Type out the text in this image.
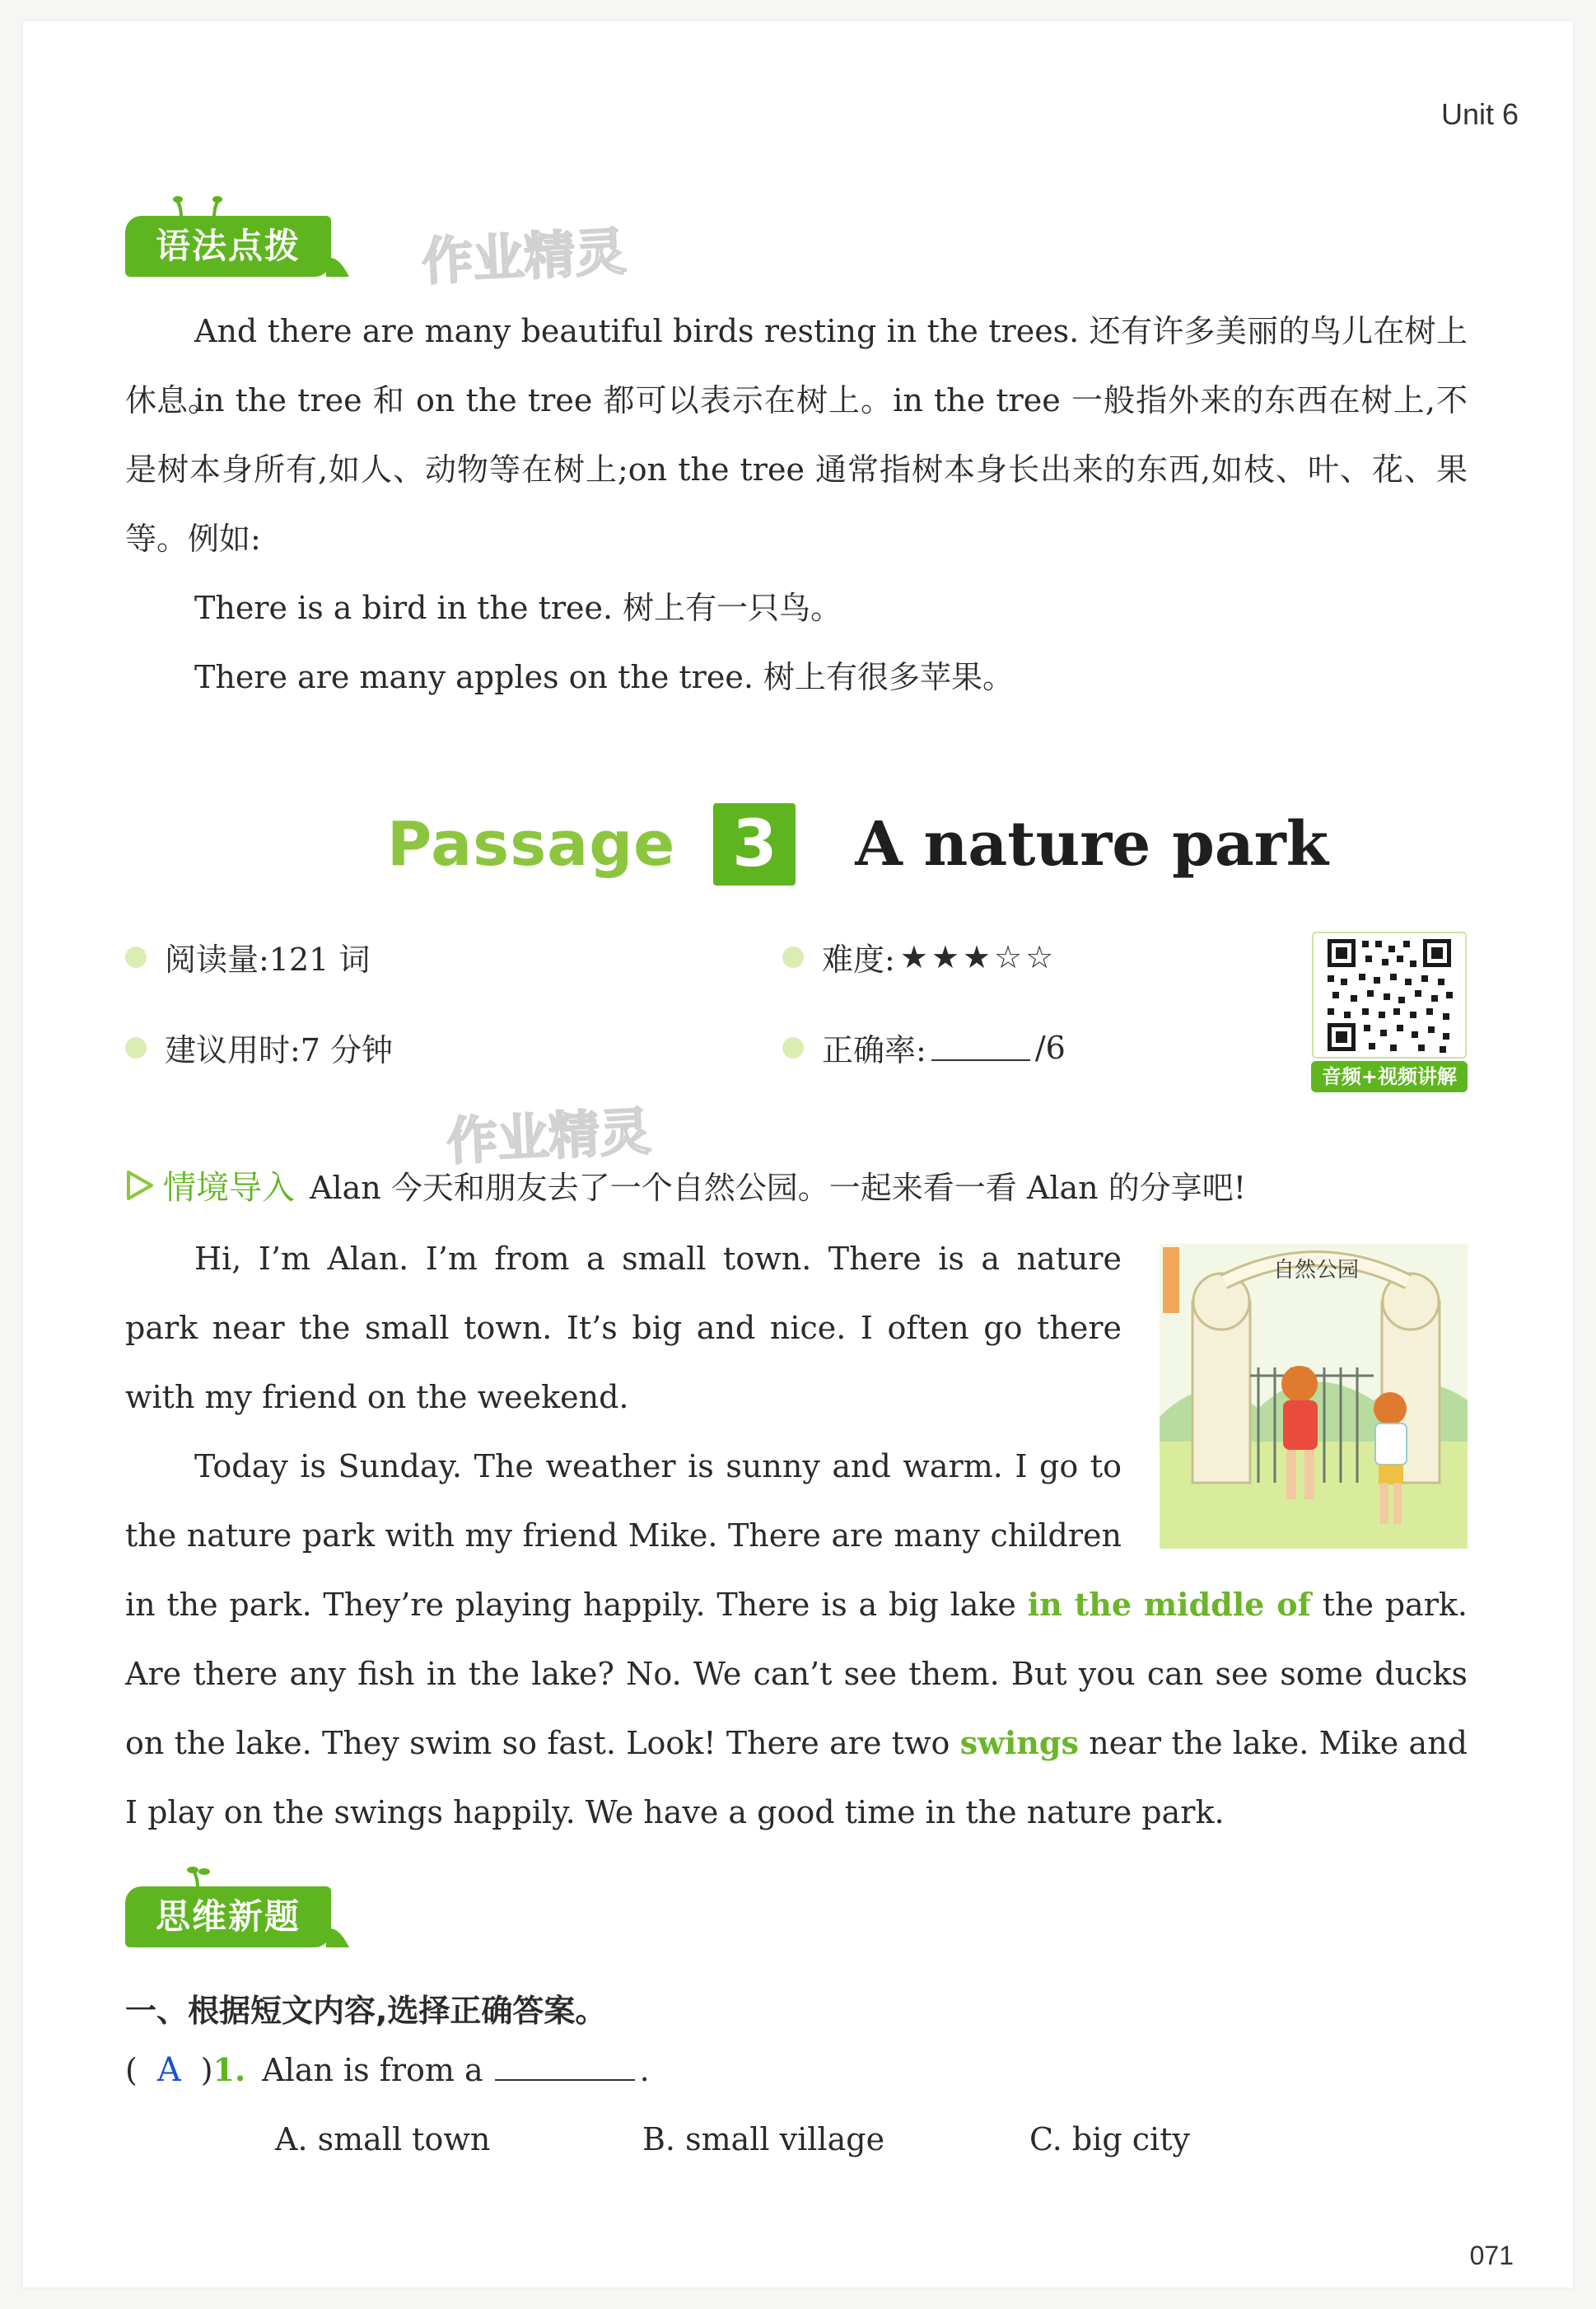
Unit 6
语法点拨	作业精灵

And there are many beautiful birds resting in the trees. 还有许多美丽的鸟儿在树上休息。

in the tree 和 on the tree 都可以表示在树上。in the tree 一般指外来的东西在树上,不是树本身所有,如人、动物等在树上;on the tree 通常指树本身长出来的东西,如枝、叶、花、果等。例如:

There is a bird in the tree. 树上有一只鸟。

There are many apples on the tree. 树上有很多苹果。

Passage 3	A nature park
阅读量:121 词	难度: ★★★☆☆
建议用时:7 分钟	正确率:	/6
音频+视频讲解
作业精灵
情境导入 Alan 今天和朋友去了一个自然公园。一起来看一看 Alan 的分享吧!

Hi, I’m Alan. I’m from a small town. There is a nature park near the small town. It’s big and nice. I often go there with my friend on the weekend.

Today is Sunday. The weather is sunny and warm. I go to the nature park with my friend Mike. There are many children in the park. They’re playing happily. There is a big lake in the middle of the park. Are there any fish in the lake? No. We can’t see them. But you can see some ducks on the lake. They swim so fast. Look! There are two swings near the lake. Mike and I play on the swings happily. We have a good time in the nature park.
自然公园
思维新题
一、根据短文内容,选择正确答案。
( A ) 1. Alan is from a	.
A. small town	B. small village	C. big city
071
